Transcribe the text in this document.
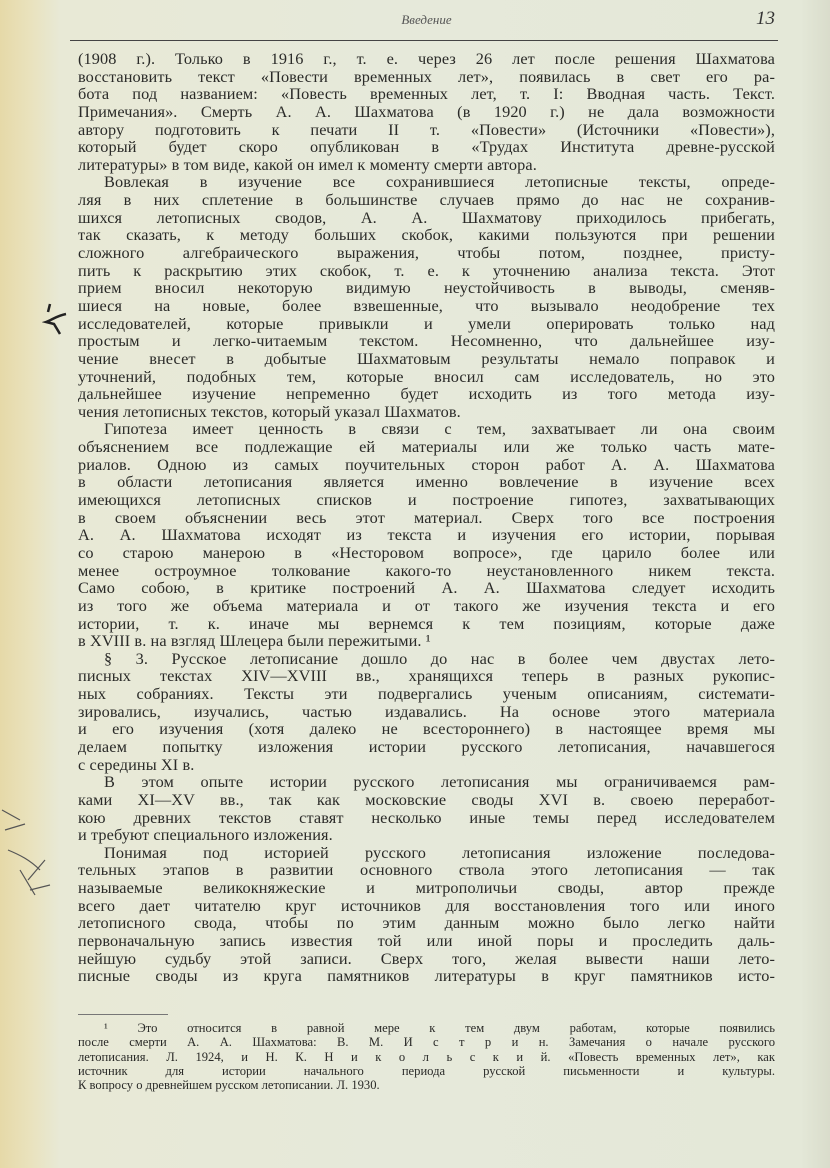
Введение	13
(1908 г.). Только в 1916 г., т. е. через 26 лет после решения Шахматова
восстановить текст «Повести временных лет», появилась в свет его ра-
бота под названием: «Повесть временных лет, т. I: Вводная часть. Текст.
Примечания». Смерть А. А. Шахматова (в 1920 г.) не дала возможности
автору подготовить к печати II т. «Повести» (Источники «Повести»),
который будет скоро опубликован в «Трудах Института древне-русской
литературы» в том виде, какой он имел к моменту смерти автора.
Вовлекая в изучение все сохранившиеся летописные тексты, опреде-
ляя в них сплетение в большинстве случаев прямо до нас не сохранив-
шихся летописных сводов, А. А. Шахматову приходилось прибегать,
так сказать, к методу больших скобок, какими пользуются при решении
сложного алгебраического выражения, чтобы потом, позднее, присту-
пить к раскрытию этих скобок, т. е. к уточнению анализа текста. Этот
прием вносил некоторую видимую неустойчивость в выводы, сменяв-
шиеся на новые, более взвешенные, что вызывало неодобрение тех
исследователей, которые привыкли и умели оперировать только над
простым и легко-читаемым текстом. Несомненно, что дальнейшее изу-
чение внесет в добытые Шахматовым результаты немало поправок и
уточнений, подобных тем, которые вносил сам исследователь, но это
дальнейшее изучение непременно будет исходить из того метода изу-
чения летописных текстов, который указал Шахматов.
Гипотеза имеет ценность в связи с тем, захватывает ли она своим
объяснением все подлежащие ей материалы или же только часть мате-
риалов. Одною из самых поучительных сторон работ А. А. Шахматова
в области летописания является именно вовлечение в изучение всех
имеющихся летописных списков и построение гипотез, захватывающих
в своем объяснении весь этот материал. Сверх того все построения
А. А. Шахматова исходят из текста и изучения его истории, порывая
со старою манерою в «Несторовом вопросе», где царило более или
менее остроумное толкование какого-то неустановленного никем текста.
Само собою, в критике построений А. А. Шахматова следует исходить
из того же объема материала и от такого же изучения текста и его
истории, т. к. иначе мы вернемся к тем позициям, которые даже
в XVIII в. на взгляд Шлецера были пережитыми. ¹
§ 3. Русское летописание дошло до нас в более чем двустах лето-
писных текстах XIV—XVIII вв., хранящихся теперь в разных рукопис-
ных собраниях. Тексты эти подвергались ученым описаниям, системати-
зировались, изучались, частью издавались. На основе этого материала
и его изучения (хотя далеко не всестороннего) в настоящее время мы
делаем попытку изложения истории русского летописания, начавшегося
с середины XI в.
В этом опыте истории русского летописания мы ограничиваемся рам-
ками XI—XV вв., так как московские своды XVI в. своею переработ-
кою древних текстов ставят несколько иные темы перед исследователем
и требуют специального изложения.
Понимая под историей русского летописания изложение последова-
тельных этапов в развитии основного ствола этого летописания — так
называемые великокняжеские и митрополичьи своды, автор прежде
всего дает читателю круг источников для восстановления того или иного
летописного свода, чтобы по этим данным можно было легко найти
первоначальную запись известия той или иной поры и проследить даль-
нейшую судьбу этой записи. Сверх того, желая вывести наши лето-
писные своды из круга памятников литературы в круг памятников исто-
¹ Это относится в равной мере к тем двум работам, которые появились
после смерти А. А. Шахматова: В. М. И с т р и н. Замечания о начале русского
летописания. Л. 1924, и Н. К. Н и к о л ь с к и й. «Повесть временных лет», как
источник для истории начального периода русской письменности и культуры.
К вопросу о древнейшем русском летописании. Л. 1930.
